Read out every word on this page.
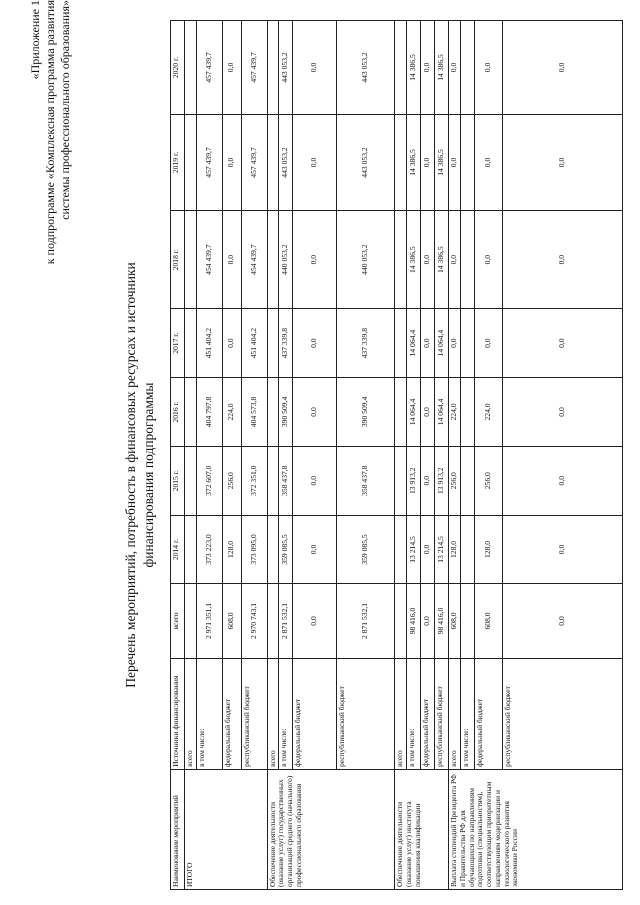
«Приложение 1 к подпрограмме «Комплексная программа развития системы профессионального образования»
Перечень мероприятий, потребность в финансовых ресурсах и источники финансирования подпрограммы
Наименование мероприятий	Источники финансирования	всего	2014 г.	2015 г.	2016 г.	2017 г.	2018 г.	2019 г.	2020 г.
ИТОГО	всего								
	в том числе:	2 971 351,1	373 223,0	372 607,0	404 797,8	451 404,2	454 439,7	457 439,7	457 439,7
	федеральный бюджет	608,0	128,0	256,0	224,0	0,0	0,0	0,0	0,0
	республиканский бюджет	2 970 743,1	373 095,0	372 351,0	404 573,8	451 404,2	454 439,7	457 439,7	457 439,7
Обеспечение деятельности (оказание услуг) государственных организаций среднего (начального) профессионального образования	всего								
	в том числе:	2 871 532,1	359 085,5	358 437,8	390 509,4	437 339,8	440 053,2	443 053,2	443 053,2
	федеральный бюджет	0,0	0,0	0,0	0,0	0,0	0,0	0,0	0,0
	республиканский бюджет	2 871 532,1	359 085,5	358 437,8	390 509,4	437 339,8	440 053,2	443 053,2	443 053,2
Обеспечение деятельности (оказание услуг) института повышения квалификации	всего								
	в том числе:	98 416,0	13 214,5	13 913,2	14 064,4	14 064,4	14 386,5	14 386,5	14 386,5
	федеральный бюджет	0,0	0,0	0,0	0,0	0,0	0,0	0,0	0,0
	республиканский бюджет	98 416,0	13 214,5	13 913,2	14 064,4	14 064,4	14 386,5	14 386,5	14 386,5
Выплата стипендий Президента РФ и Правительства РФ для обучающихся по направлениям подготовки (специальностям), соответствующим приоритетным направлениям модернизации и технологического развития экономики России	всего	608,0	128,0	256,0	224,0	0,0	0,0	0,0	0,0
	в том числе:								
	федеральный бюджет	608,0	128,0	256,0	224,0	0,0	0,0	0,0	0,0
	республиканский бюджет	0,0	0,0	0,0	0,0	0,0	0,0	0,0	0,0
